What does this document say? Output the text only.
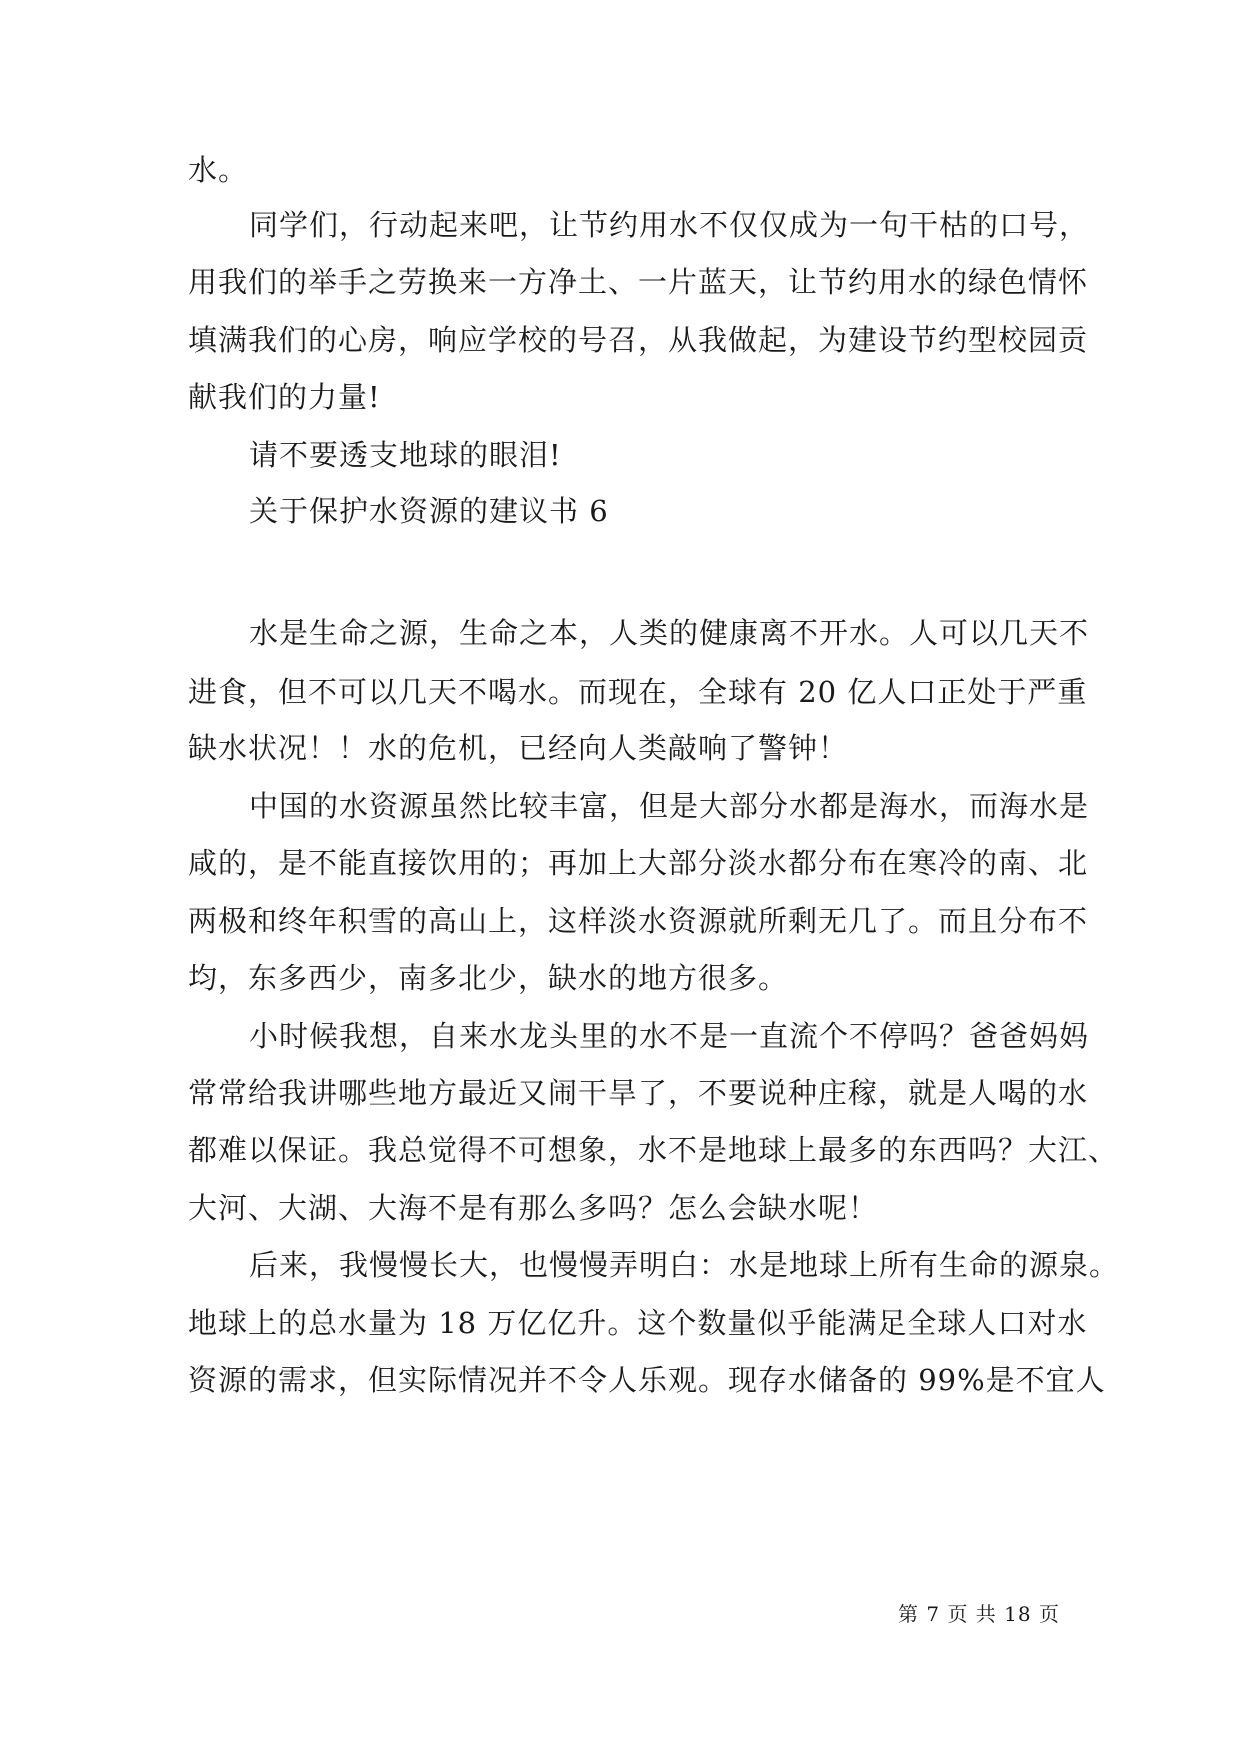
水。
同学们，行动起来吧，让节约用水不仅仅成为一句干枯的口号，
用我们的举手之劳换来一方净土、一片蓝天，让节约用水的绿色情怀
填满我们的心房，响应学校的号召，从我做起，为建设节约型校园贡
献我们的力量!
请不要透支地球的眼泪!
关于保护水资源的建议书 6
水是生命之源，生命之本，人类的健康离不开水。人可以几天不
进食，但不可以几天不喝水。而现在，全球有 20 亿人口正处于严重
缺水状况！！水的危机，已经向人类敲响了警钟！
中国的水资源虽然比较丰富，但是大部分水都是海水，而海水是
咸的，是不能直接饮用的；再加上大部分淡水都分布在寒冷的南、北
两极和终年积雪的高山上，这样淡水资源就所剩无几了。而且分布不
均，东多西少，南多北少，缺水的地方很多。
小时候我想，自来水龙头里的水不是一直流个不停吗？爸爸妈妈
常常给我讲哪些地方最近又闹干旱了，不要说种庄稼，就是人喝的水
都难以保证。我总觉得不可想象，水不是地球上最多的东西吗？大江、
大河、大湖、大海不是有那么多吗？怎么会缺水呢！
后来，我慢慢长大，也慢慢弄明白：水是地球上所有生命的源泉。
地球上的总水量为 18 万亿亿升。这个数量似乎能满足全球人口对水
资源的需求，但实际情况并不令人乐观。现存水储备的 99%是不宜人
第 7 页 共 18 页
